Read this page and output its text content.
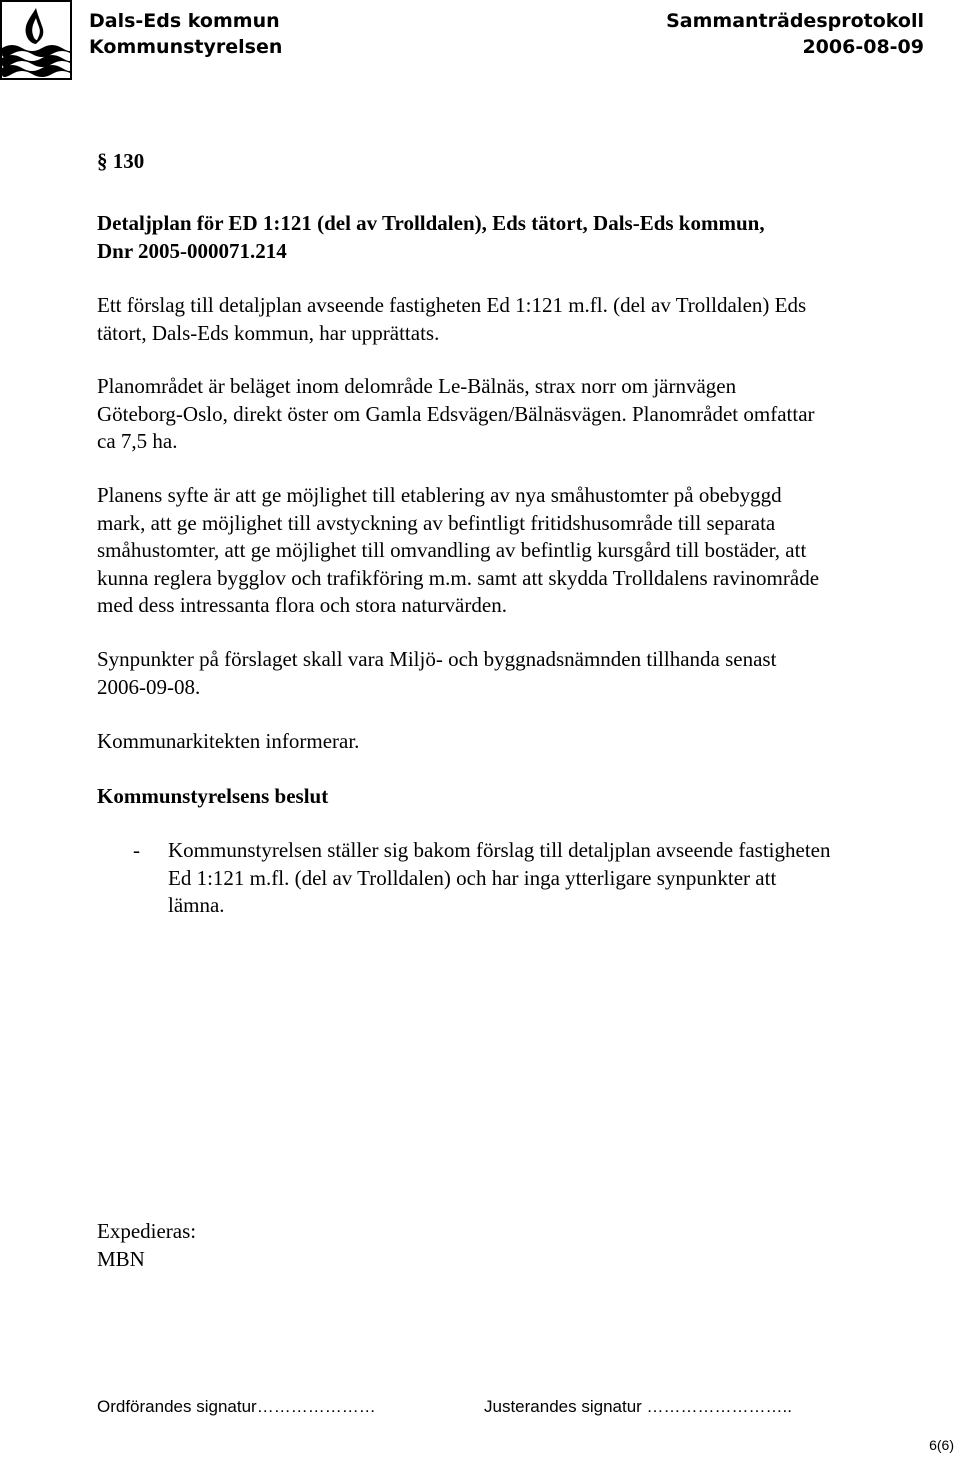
Dals-Eds kommun
Kommunstyrelsen
Sammanträdesprotokoll
2006-08-09
§ 130
Detaljplan för ED 1:121 (del av Trolldalen), Eds tätort, Dals-Eds kommun,
Dnr 2005-000071.214
Ett förslag till detaljplan avseende fastigheten Ed 1:121 m.fl. (del av Trolldalen) Eds
tätort, Dals-Eds kommun, har upprättats.
Planområdet är beläget inom delområde Le-Bälnäs, strax norr om järnvägen
Göteborg-Oslo, direkt öster om Gamla Edsvägen/Bälnäsvägen. Planområdet omfattar
ca 7,5 ha.
Planens syfte är att ge möjlighet till etablering av nya småhustomter på obebyggd
mark, att ge möjlighet till avstyckning av befintligt fritidshusområde till separata
småhustomter, att ge möjlighet till omvandling av befintlig kursgård till bostäder, att
kunna reglera bygglov och trafikföring m.m. samt att skydda Trolldalens ravinområde
med dess intressanta flora och stora naturvärden.
Synpunkter på förslaget skall vara Miljö- och byggnadsnämnden tillhanda senast
2006-09-08.
Kommunarkitekten informerar.
Kommunstyrelsens beslut
- Kommunstyrelsen ställer sig bakom förslag till detaljplan avseende fastigheten
Ed 1:121 m.fl. (del av Trolldalen) och har inga ytterligare synpunkter att
lämna.
Expedieras:
MBN
Ordförandes signatur…………………	Justerandes signatur ……………………..
6(6)
